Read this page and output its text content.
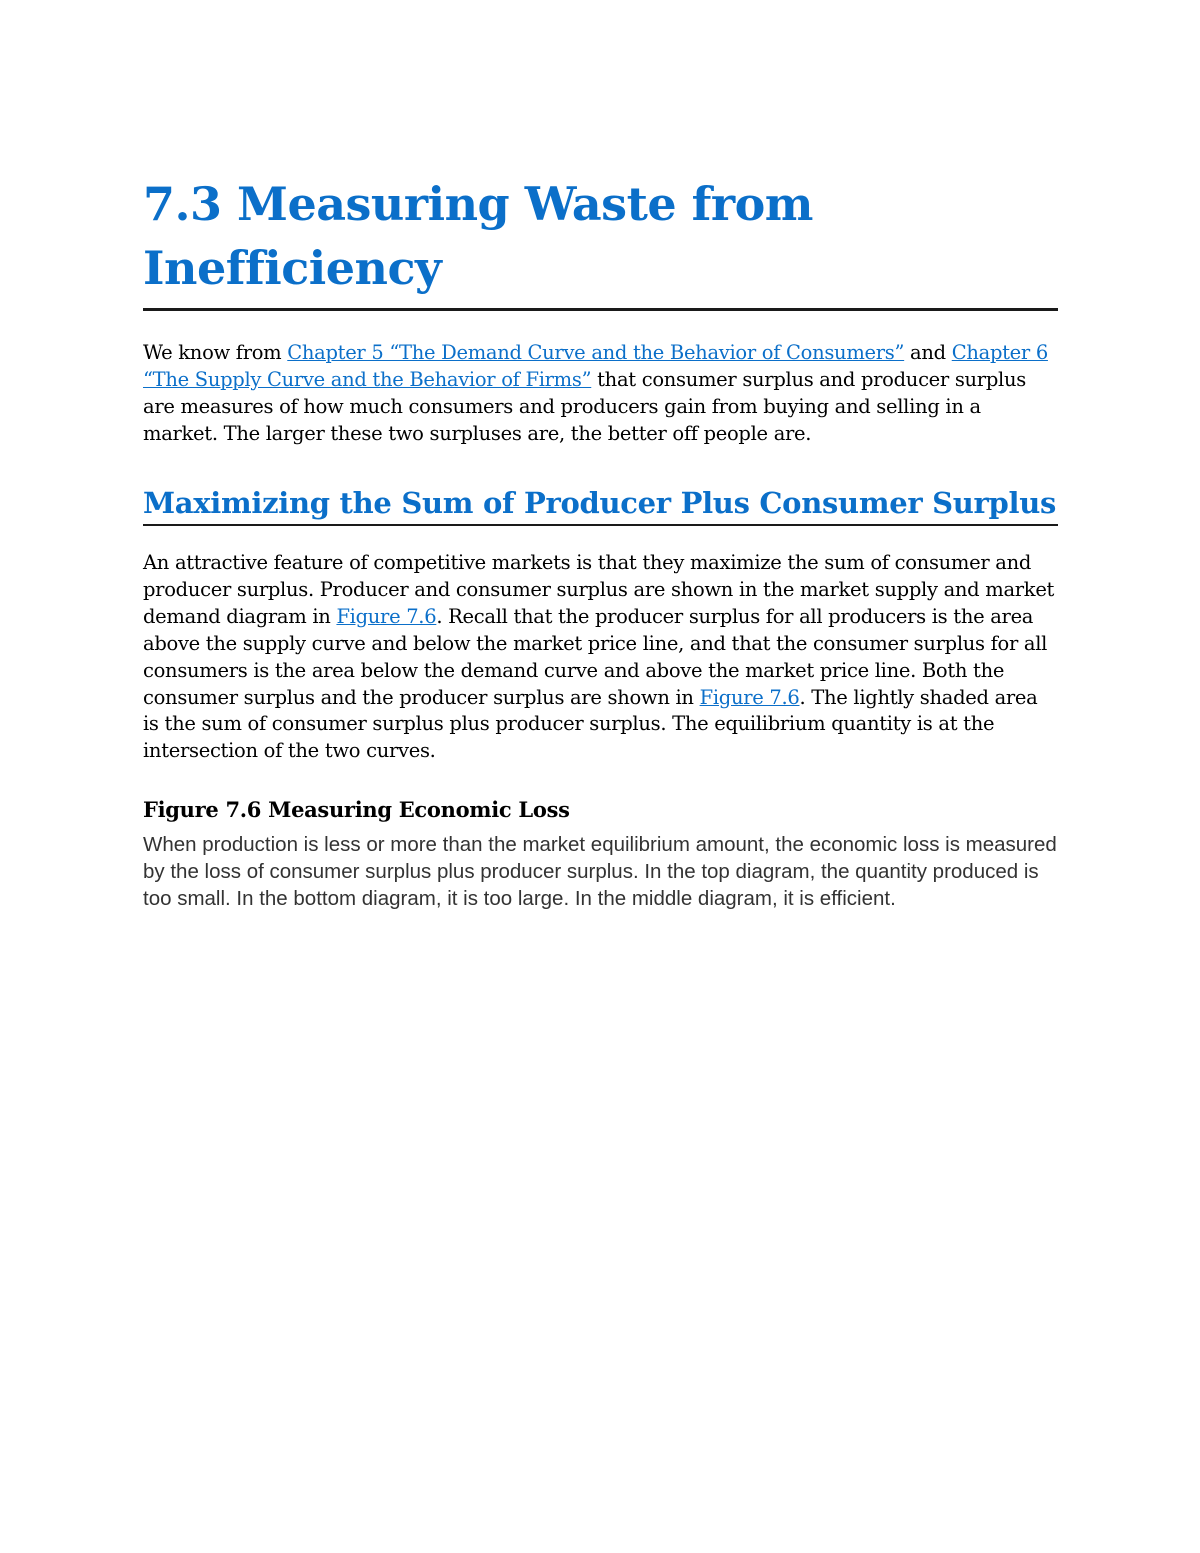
7.3 Measuring Waste from Inefficiency

We know from Chapter 5 “The Demand Curve and the Behavior of Consumers” and Chapter 6 “The Supply Curve and the Behavior of Firms” that consumer surplus and producer surplus are measures of how much consumers and producers gain from buying and selling in a market. The larger these two surpluses are, the better off people are.

Maximizing the Sum of Producer Plus Consumer Surplus

An attractive feature of competitive markets is that they maximize the sum of consumer and producer surplus. Producer and consumer surplus are shown in the market supply and market demand diagram in Figure 7.6. Recall that the producer surplus for all producers is the area above the supply curve and below the market price line, and that the consumer surplus for all consumers is the area below the demand curve and above the market price line. Both the consumer surplus and the producer surplus are shown in Figure 7.6. The lightly shaded area is the sum of consumer surplus plus producer surplus. The equilibrium quantity is at the intersection of the two curves.

Figure 7.6 Measuring Economic Loss

When production is less or more than the market equilibrium amount, the economic loss is measured by the loss of consumer surplus plus producer surplus. In the top diagram, the quantity produced is too small. In the bottom diagram, it is too large. In the middle diagram, it is efficient.
